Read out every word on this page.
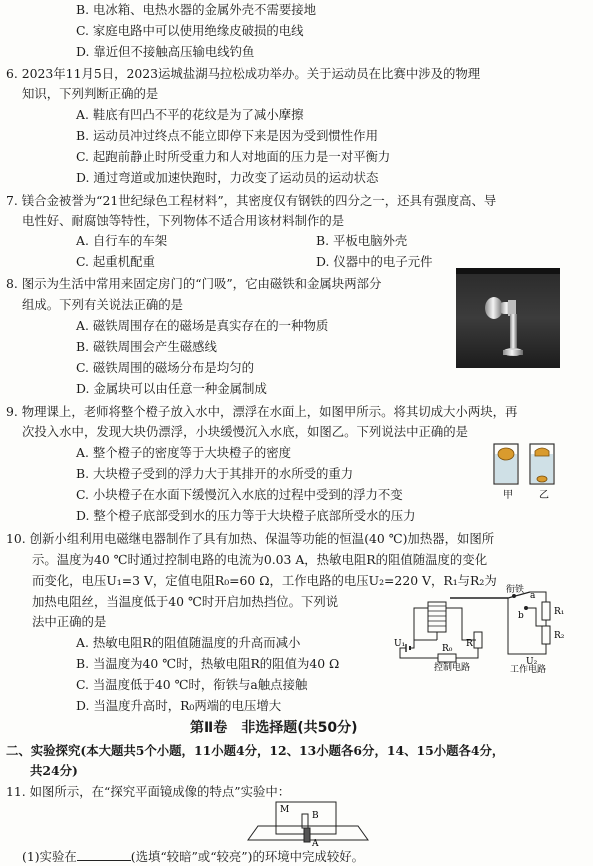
B. 电冰箱、电热水器的金属外壳不需要接地
C. 家庭电路中可以使用绝缘皮破损的电线
D. 靠近但不接触高压输电线钓鱼
6. 2023年11月5日，2023运城盐湖马拉松成功举办。关于运动员在比赛中涉及的物理
知识，下列判断正确的是
A. 鞋底有凹凸不平的花纹是为了减小摩擦
B. 运动员冲过终点不能立即停下来是因为受到惯性作用
C. 起跑前静止时所受重力和人对地面的压力是一对平衡力
D. 通过弯道或加速快跑时，力改变了运动员的运动状态
7. 镁合金被誉为“21世纪绿色工程材料”，其密度仅有钢铁的四分之一，还具有强度高、导
电性好、耐腐蚀等特性，下列物体不适合用该材料制作的是
A. 自行车的车架	B. 平板电脑外壳
C. 起重机配重	D. 仪器中的电子元件
8. 图示为生活中常用来固定房门的“门吸”，它由磁铁和金属块两部分
组成。下列有关说法正确的是
A. 磁铁周围存在的磁场是真实存在的一种物质
B. 磁铁周围会产生磁感线
C. 磁铁周围的磁场分布是均匀的
D. 金属块可以由任意一种金属制成
9. 物理课上，老师将整个橙子放入水中，漂浮在水面上，如图甲所示。将其切成大小两块，再
次投入水中，发现大块仍漂浮，小块缓慢沉入水底，如图乙。下列说法中正确的是
A. 整个橙子的密度等于大块橙子的密度
B. 大块橙子受到的浮力大于其排开的水所受的重力
C. 小块橙子在水面下缓慢沉入水底的过程中受到的浮力不变
D. 整个橙子底部受到水的压力等于大块橙子底部所受水的压力
甲	乙
10. 创新小组利用电磁继电器制作了具有加热、保温等功能的恒温(40 ℃)加热器，如图所
示。温度为40 ℃时通过控制电路的电流为0.03 A，热敏电阻R的阻值随温度的变化
而变化，电压U₁=3 V，定值电阻R₀=60 Ω，工作电路的电压U₂=220 V，R₁与R₂为
加热电阻丝，当温度低于40 ℃时开启加热挡位。下列说
法中正确的是
A. 热敏电阻R的阻值随温度的升高而减小
B. 当温度为40 ℃时，热敏电阻R的阻值为40 Ω
C. 当温度低于40 ℃时，衔铁与a触点接触
D. 当温度升高时，R₀两端的电压增大
U₁	R₀ R
控制电路
衔铁
a
b	R₁
R₂
U₂
工作电路
第Ⅱ卷　非选择题(共50分)
二、实验探究(本大题共5个小题，11小题4分，12、13小题各6分，14、15小题各4分，
共24分)
11. 如图所示，在“探究平面镜成像的特点”实验中：
M
B
A
(1)实验在	(选填“较暗”或“较亮”)的环境中完成较好。
